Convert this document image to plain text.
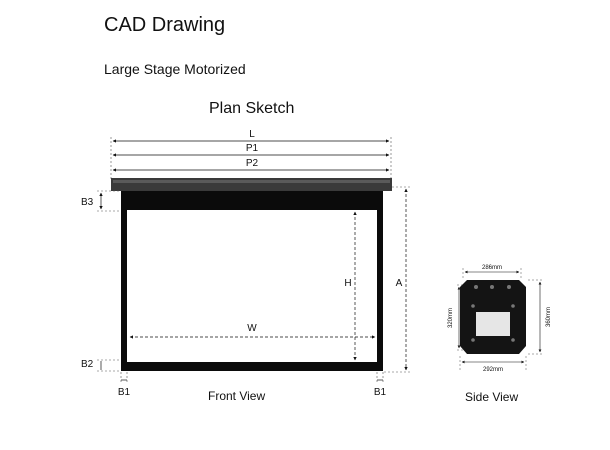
CAD Drawing
Large Stage Motorized
Plan Sketch
L
P1
P2
W
H	A
B3
B2
B1	B1
286mm
360mm
320mm
292mm
Front View	Side View
